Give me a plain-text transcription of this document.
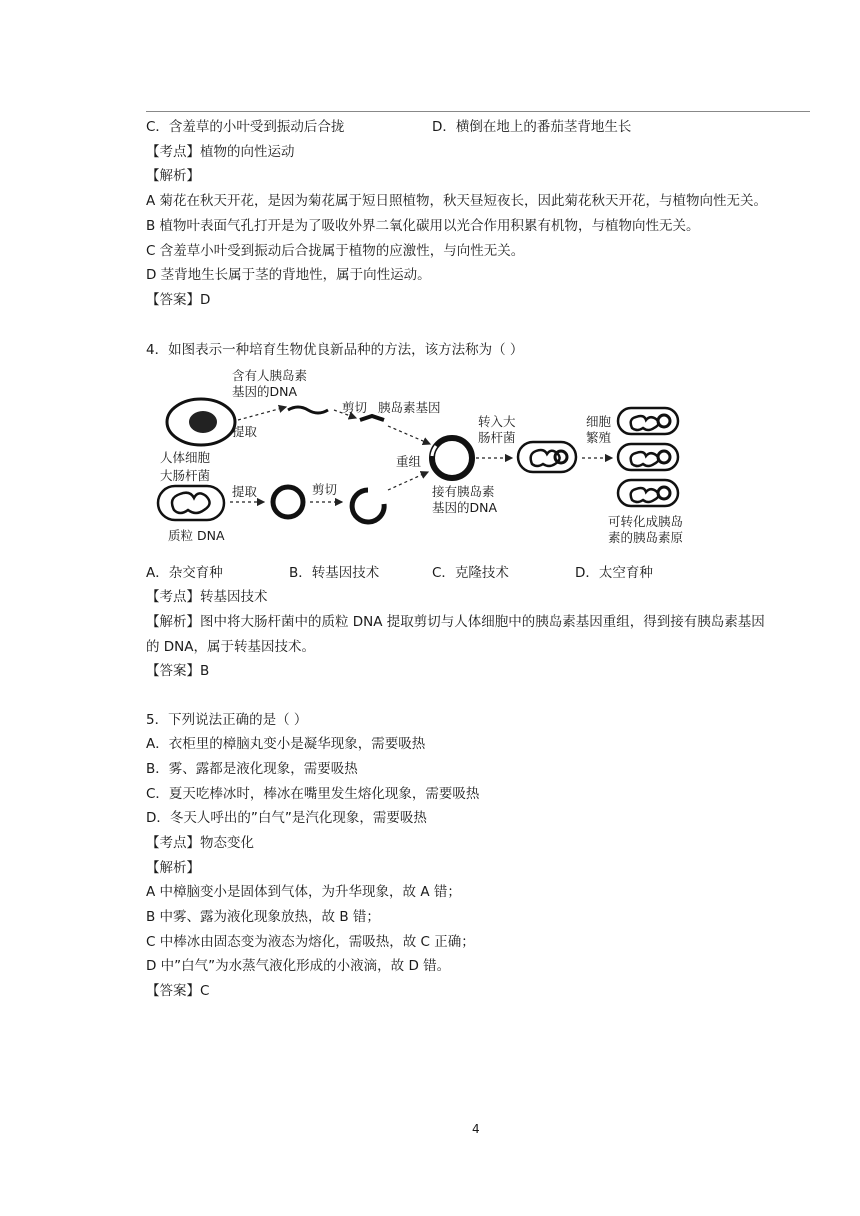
C．含羞草的小叶受到振动后合拢	D．横倒在地上的番茄茎背地生长
【考点】植物的向性运动
【解析】
A 菊花在秋天开花，是因为菊花属于短日照植物，秋天昼短夜长，因此菊花秋天开花，与植物向性无关。
B 植物叶表面气孔打开是为了吸收外界二氧化碳用以光合作用积累有机物，与植物向性无关。
C 含羞草小叶受到振动后合拢属于植物的应激性，与向性无关。
D 茎背地生长属于茎的背地性，属于向性运动。
【答案】D
4．如图表示一种培育生物优良新品种的方法，该方法称为（ ）
人体细胞
含有人胰岛素
基因的DNA
提取
剪切 胰岛素基因
大肠杆菌
质粒 DNA
提取	剪切
重组
接有胰岛素
基因的DNA
转入大
肠杆菌
细胞
繁殖
可转化成胰岛
素的胰岛素原
A．杂交育种	B．转基因技术	C．克隆技术	D．太空育种
【考点】转基因技术
【解析】图中将大肠杆菌中的质粒 DNA 提取剪切与人体细胞中的胰岛素基因重组，得到接有胰岛素基因
的 DNA，属于转基因技术。
【答案】B
5．下列说法正确的是（ ）
A．衣柜里的樟脑丸变小是凝华现象，需要吸热
B．雾、露都是液化现象，需要吸热
C．夏天吃棒冰时，棒冰在嘴里发生熔化现象，需要吸热
D．冬天人呼出的”白气”是汽化现象，需要吸热
【考点】物态变化
【解析】
A 中樟脑变小是固体到气体，为升华现象，故 A 错；
B 中雾、露为液化现象放热，故 B 错；
C 中棒冰由固态变为液态为熔化，需吸热，故 C 正确；
D 中”白气”为水蒸气液化形成的小液滴，故 D 错。
【答案】C
4
